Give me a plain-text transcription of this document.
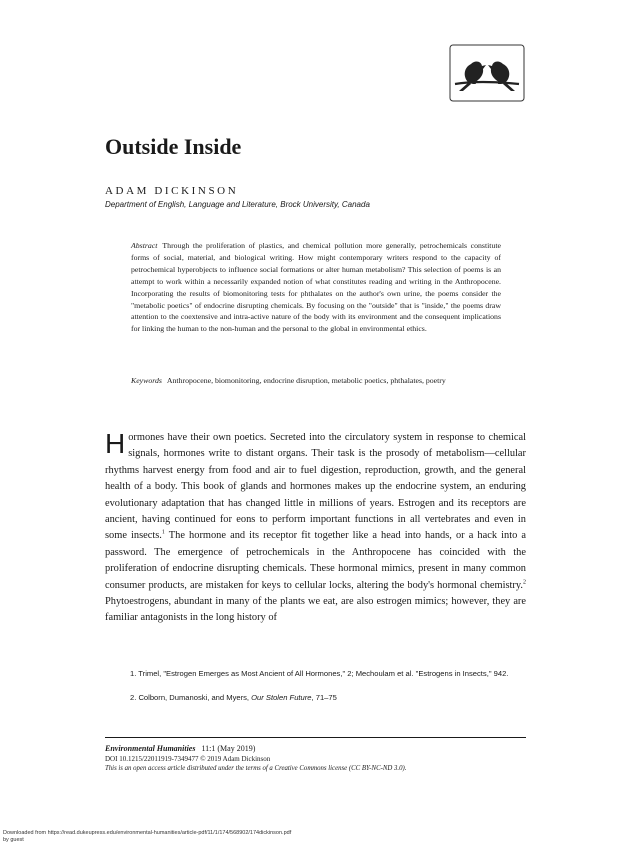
Outside Inside
ADAM DICKINSON
Department of English, Language and Literature, Brock University, Canada
Abstract Through the proliferation of plastics, and chemical pollution more generally, petrochemicals constitute forms of social, material, and biological writing. How might contemporary writers respond to the capacity of petrochemical hyperobjects to influence social formations or alter human metabolism? This selection of poems is an attempt to work within a necessarily expanded notion of what constitutes reading and writing in the Anthropocene. Incorporating the results of biomonitoring tests for phthalates on the author's own urine, the poems consider the "metabolic poetics" of endocrine disrupting chemicals. By focusing on the "outside" that is "inside," the poems draw attention to the coextensive and intra-active nature of the body with its environment and the consequent implications for linking the human to the non-human and the personal to the global in environmental ethics.
Keywords Anthropocene, biomonitoring, endocrine disruption, metabolic poetics, phthalates, poetry
Hormones have their own poetics. Secreted into the circulatory system in response to chemical signals, hormones write to distant organs. Their task is the prosody of metabolism—cellular rhythms harvest energy from food and air to fuel digestion, reproduction, growth, and the general health of a body. This book of glands and hormones makes up the endocrine system, an enduring evolutionary adaptation that has changed little in millions of years. Estrogen and its receptors are ancient, having continued for eons to perform important functions in all vertebrates and even in some insects.$^1$ The hormone and its receptor fit together like a head into hands, or a hack into a password. The emergence of petrochemicals in the Anthropocene has coincided with the proliferation of endocrine disrupting chemicals. These hormonal mimics, present in many common consumer products, are mistaken for keys to cellular locks, altering the body's hormonal chemistry.$^2$ Phytoestrogens, abundant in many of the plants we eat, are also estrogen mimics; however, they are familiar antagonists in the long history of
1. Trimel, "Estrogen Emerges as Most Ancient of All Hormones," 2; Mechoulam et al. "Estrogens in Insects," 942.
2. Colborn, Dumanoski, and Myers, Our Stolen Future, 71–75
Environmental Humanities 11:1 (May 2019)
DOI 10.1215/22011919-7349477 © 2019 Adam Dickinson
This is an open access article distributed under the terms of a Creative Commons license (CC BY-NC-ND 3.0).
Downloaded from https://read.dukeupress.edu/environmental-humanities/article-pdf/11/1/174/568902/174dickinson.pdf
by guest
